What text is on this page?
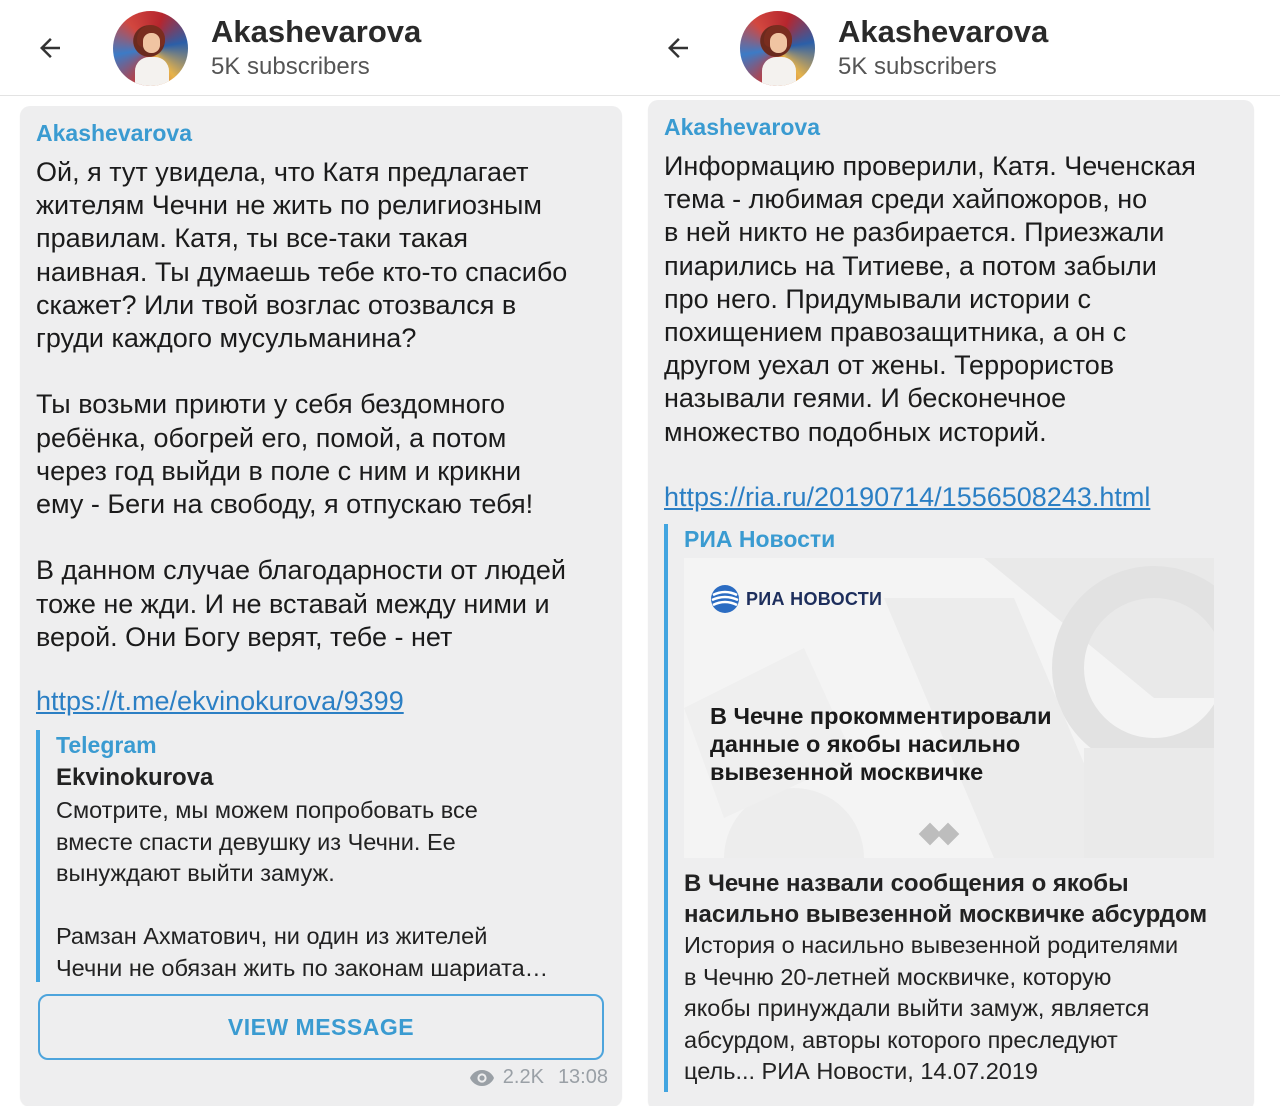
Akashevarova
5K subscribers
Akashevarova
Ой, я тут увидела, что Катя предлагает
жителям Чечни не жить по религиозным
правилам. Катя, ты все-таки такая
наивная. Ты думаешь тебе кто-то спасибо
скажет? Или твой возглас отозвался в
груди каждого мусульманина?

Ты возьми приюти у себя бездомного
ребёнка, обогрей его, помой, а потом
через год выйди в поле с ним и крикни
ему - Беги на свободу, я отпускаю тебя!

В данном случае благодарности от людей
тоже не жди. И не вставай между ними и
верой. Они Богу верят, тебе - нет
https://t.me/ekvinokurova/9399
Telegram
Ekvinokurova
Смотрите, мы можем попробовать все
вместе спасти девушку из Чечни. Ее
вынуждают выйти замуж.

Рамзан Ахматович, ни один из жителей
Чечни не обязан жить по законам шариата…
VIEW MESSAGE
2.2K 13:08
Akashevarova
5K subscribers
Akashevarova
Информацию проверили, Катя. Чеченская
тема - любимая среди хайпожоров, но
в ней никто не разбирается. Приезжали
пиарились на Титиеве, а потом забыли
про него. Придумывали истории с
похищением правозащитника, а он с
другом уехал от жены. Террористов
называли геями. И бесконечное
множество подобных историй.
https://ria.ru/20190714/1556508243.html
РИА Новости
РИА НОВОСТИ
В Чечне прокомментировали
данные о якобы насильно
вывезенной москвичке
В Чечне назвали сообщения о якобы насильно вывезенной москвичке абсурдом
История о насильно вывезенной родителями
в Чечню 20-летней москвичке, которую
якобы принуждали выйти замуж, является
абсурдом, авторы которого преследуют
цель... РИА Новости, 14.07.2019
